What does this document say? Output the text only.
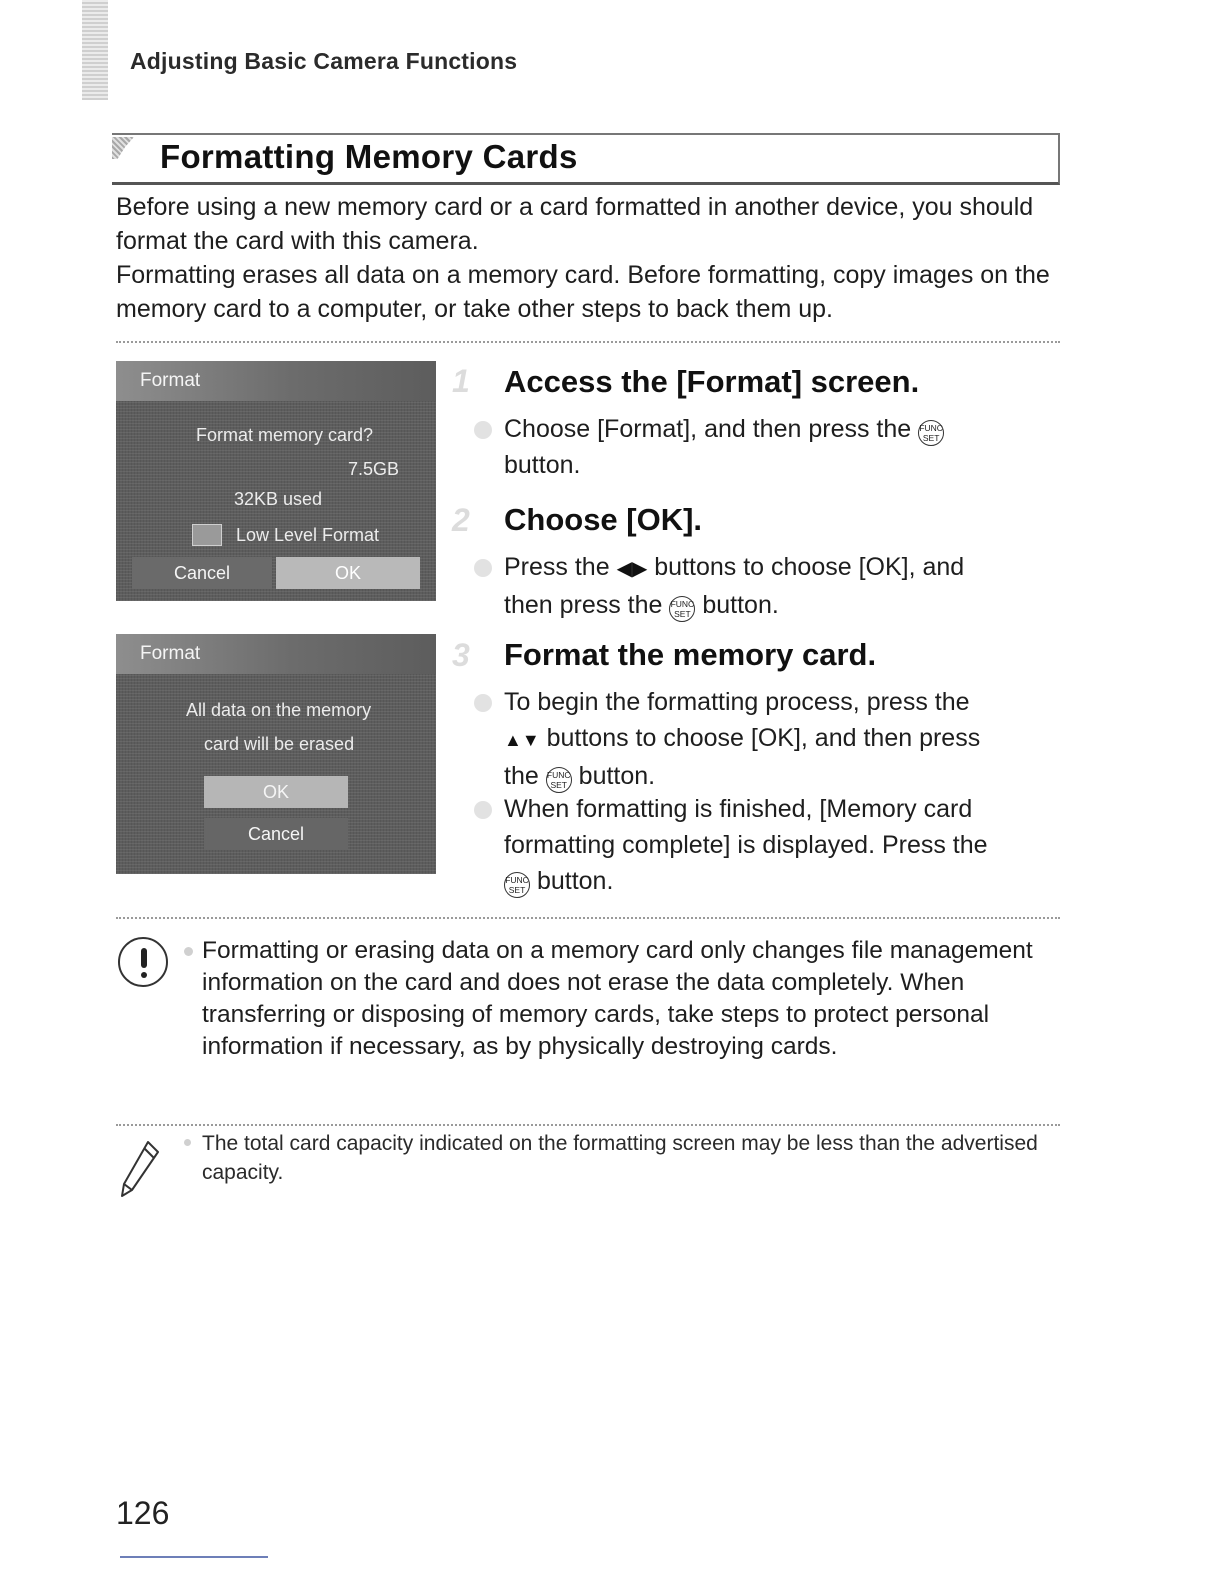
Adjusting Basic Camera Functions
Formatting Memory Cards

Before using a new memory card or a card formatted in another device, you should format the card with this camera.

Formatting erases all data on a memory card. Before formatting, copy images on the memory card to a computer, or take other steps to back them up.

Format
Format memory card?
7.5GB
32KB used
Low Level Format
Cancel	OK
Format
All data on the memory
card will be erased
OK
Cancel
1 Access the [Format] screen.
Choose [Format], and then press the FUNC
SET

button.
2 Choose [OK].
Press the ◀▶ buttons to choose [OK], and
then press the FUNC
SET button.
3 Format the memory card.
To begin the formatting process, press the
▲▼ buttons to choose [OK], and then press
the FUNC
SET button.
When formatting is finished, [Memory card
formatting complete] is displayed. Press the

FUNC
SET button.

Formatting or erasing data on a memory card only changes file management information on the card and does not erase the data completely. When transferring or disposing of memory cards, take steps to protect personal information if necessary, as by physically destroying cards.

The total card capacity indicated on the formatting screen may be less than the advertised capacity.

126
